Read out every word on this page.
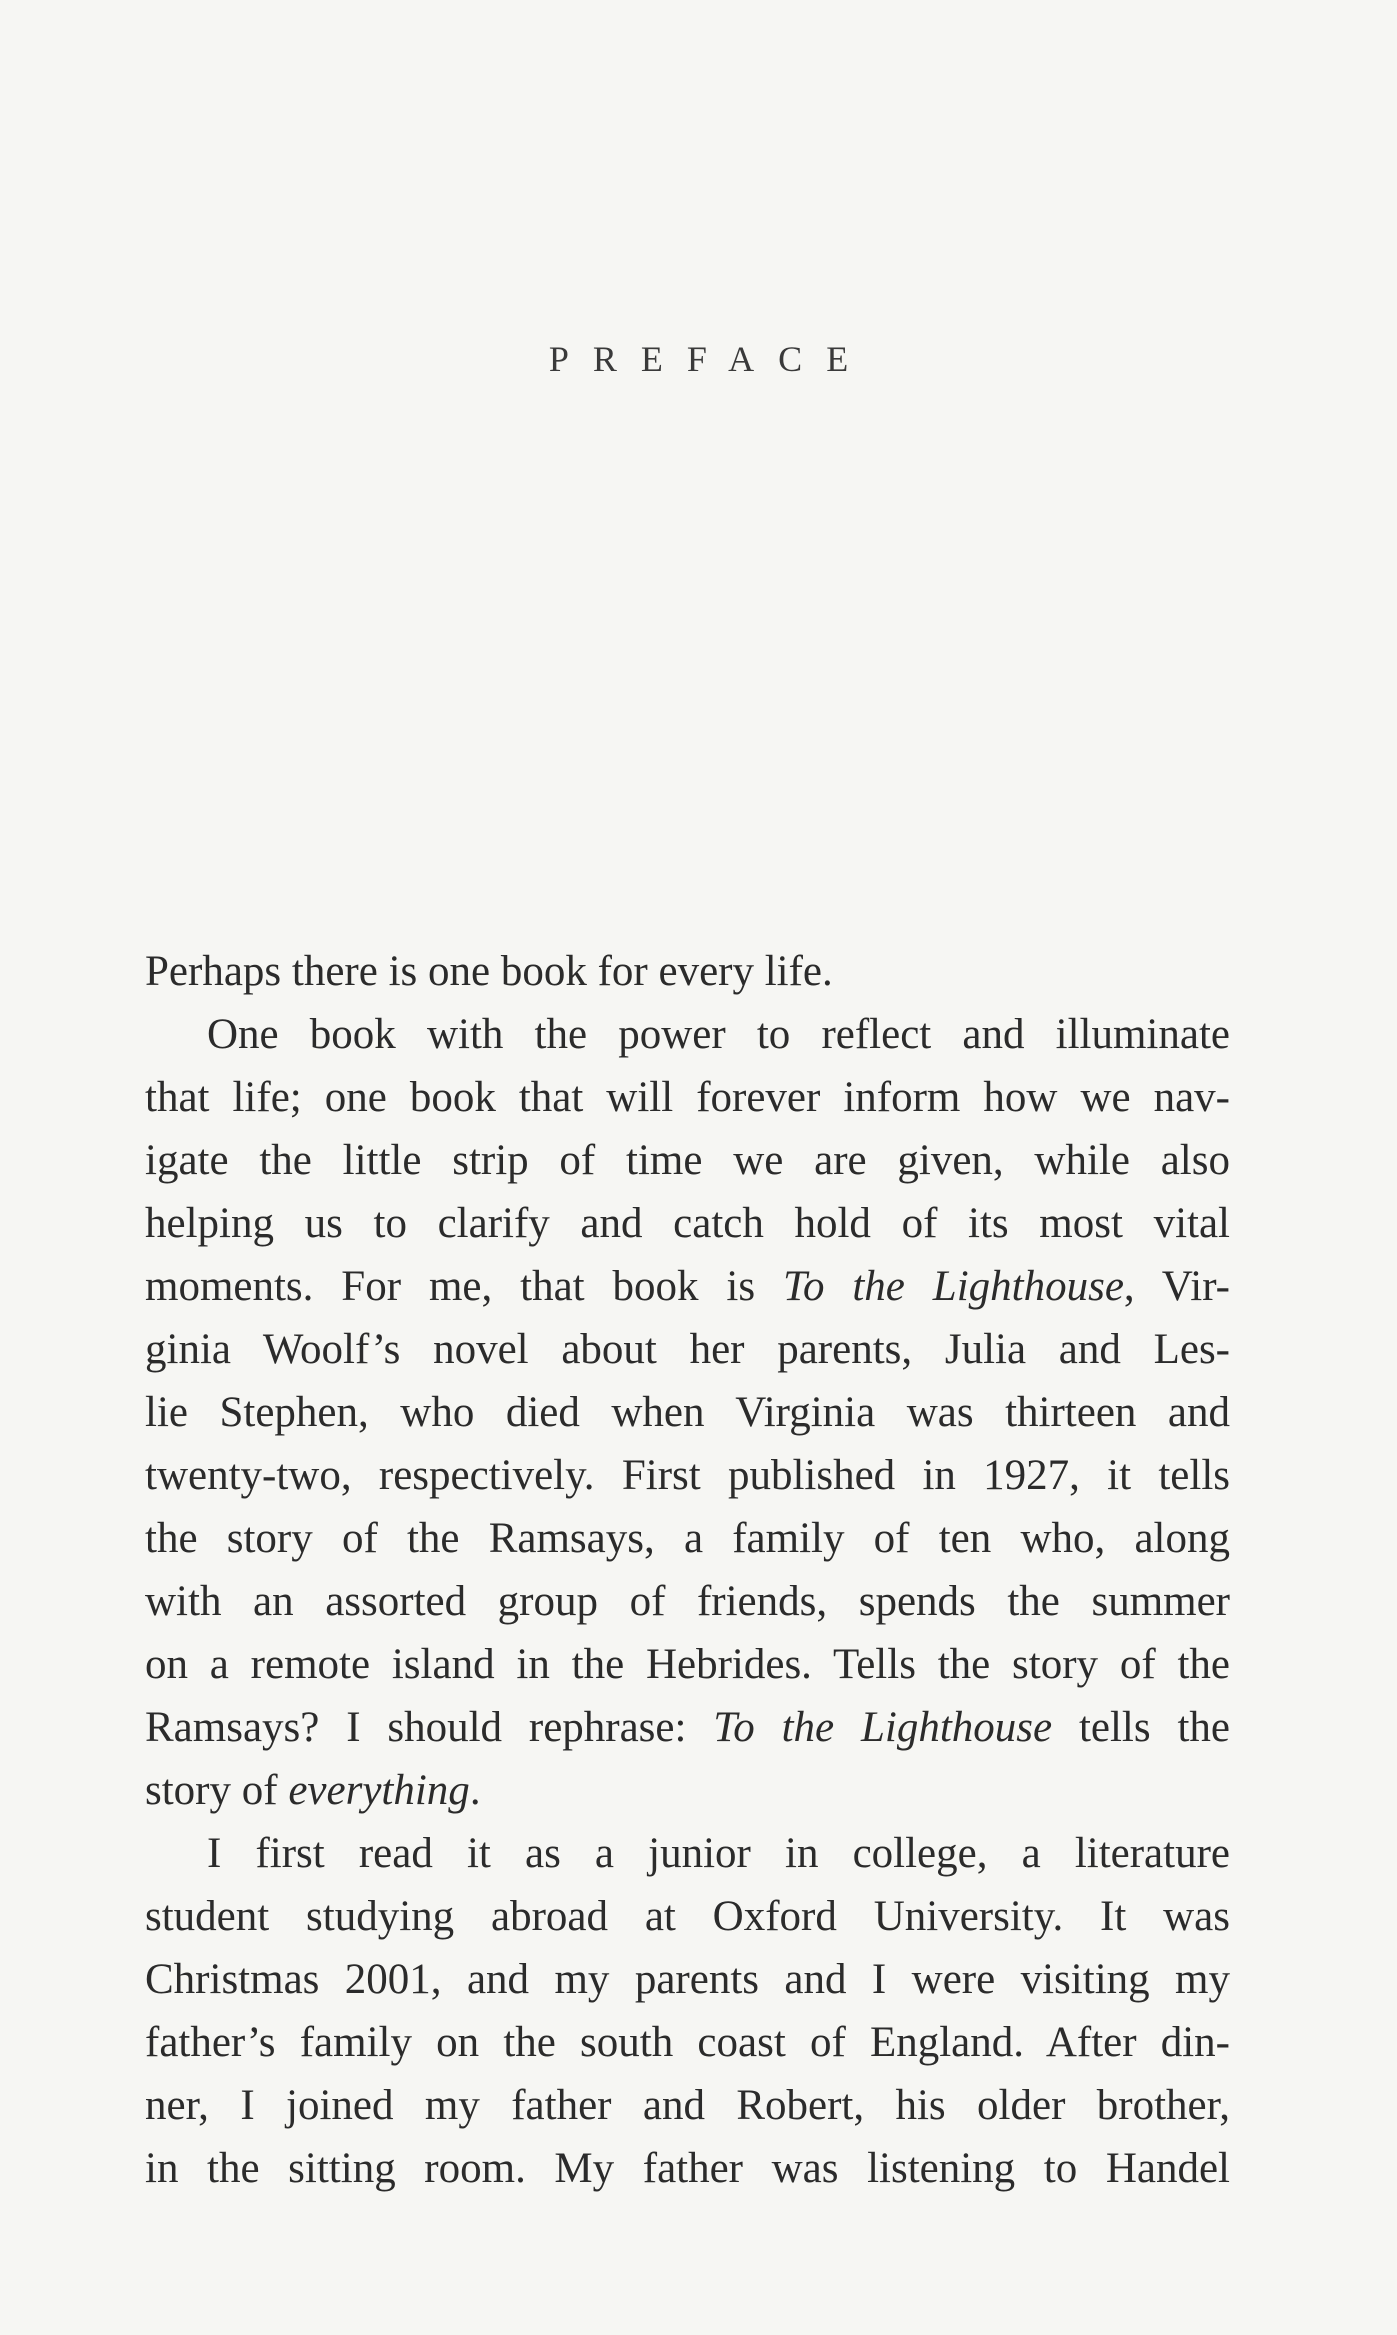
PREFACE
Perhaps there is one book for every life.
One book with the power to reflect and illuminate
that life; one book that will forever inform how we nav-
igate the little strip of time we are given, while also
helping us to clarify and catch hold of its most vital
moments. For me, that book is To the Lighthouse, Vir-
ginia Woolf’s novel about her parents, Julia and Les-
lie Stephen, who died when Virginia was thirteen and
twenty-two, respectively. First published in 1927, it tells
the story of the Ramsays, a family of ten who, along
with an assorted group of friends, spends the summer
on a remote island in the Hebrides. Tells the story of the
Ramsays? I should rephrase: To the Lighthouse tells the
story of everything.
I first read it as a junior in college, a literature
student studying abroad at Oxford University. It was
Christmas 2001, and my parents and I were visiting my
father’s family on the south coast of England. After din-
ner, I joined my father and Robert, his older brother,
in the sitting room. My father was listening to Handel
